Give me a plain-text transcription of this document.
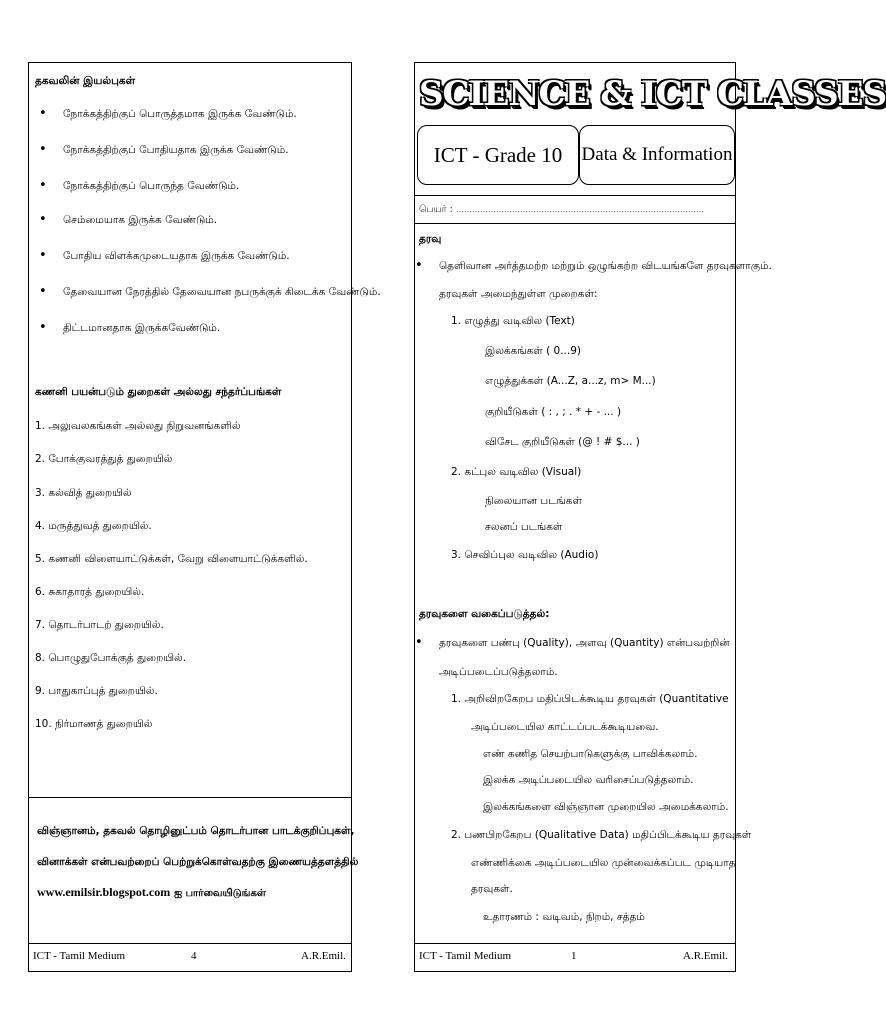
தகவலின் இயல்புகள்
• நோக்கத்திற்குப் பொருத்தமாக இருக்க வேண்டும்.
• நோக்கத்திற்குப் போதியதாக இருக்க வேண்டும்.
• நோக்கத்திற்குப் பொருந்த வேண்டும்.
• செம்மையாக இருக்க வேண்டும்.
• போதிய விளக்கமுடையதாக இருக்க வேண்டும்.
• தேவையான நேரத்தில் தேவையான நபருக்குக் கிடைக்க வேண்டும்.
• திட்டமானதாக இருக்கவேண்டும்.
கணனி பயன்படும் துறைகள் அல்லது சந்தர்ப்பங்கள்
1. அலுவலகங்கள் அல்லது நிறுவனங்களில்
2. போக்குவரத்துத் துறையில்
3. கல்வித் துறையில்
4. மருத்துவத் துறையில்.
5. கணனி விளையாட்டுக்கள், வேறு விளையாட்டுக்களில்.
6. சுகாதாரத் துறையில்.
7. தொடர்பாடற் துறையில்.
8. பொழுதுபோக்குத் துறையில்.
9. பாதுகாப்புத் துறையில்.
10. நிர்மாணத் துறையில்
விஞ்ஞானம், தகவல் தொழினுட்பம் தொடர்பான பாடக்குறிப்புகள்,
வினாக்கள் என்பவற்றைப் பெற்றுக்கொள்வதற்கு இணையத்தளத்தில்
www.emilsir.blogspot.com ஐ பார்வையிடுங்கள்
ICT - Tamil Medium	4	A.R.Emil.
SCIENCE & ICT CLASSES
ICT - Grade 10	Data & Information
பெயர் : …………………………………………………………………………………
தரவு
• தெளிவான அர்த்தமற்ற மற்றும் ஒழுங்கற்ற விடயங்களே தரவுகளாகும்.
தரவுகள் அமைந்துள்ள முறைகள்:
1. எழுத்து வடிவில (Text)
இலக்கங்கள் ( 0...9)
எழுத்துக்கள் (A...Z, a...z, m> M...)
குறியீடுகள் ( : , ; . * + - ... )
விசேட குறியீடுகள் (@ ! # $... )
2. கட்புல வடிவில (Visual)
நிலையான படங்கள்
சலனப் படங்கள்
3. செவிப்புல வடிவில (Audio)
தரவுகளை வகைப்படுத்தல்:
• தரவுகளை பண்பு (Quality), அளவு (Quantity) என்பவற்றின்
அடிப்படைப்படுத்தலாம்.
1. அறிவிறகேறப மதிப்பிடக்கூடிய தரவுகள் (Quantitative
அடிப்படையில காட்டப்படக்கூடியவை.
எண் கணித செயற்பாடுகளுக்கு பாவிக்கலாம்.
இலக்க அடிப்படையில வரிசைப்படுத்தலாம்.
இலக்கங்களை விஞ்ஞான முறையில அமைக்கலாம்.
2. பணபிறகேறப (Qualitative Data) மதிப்பிடக்கூடிய தரவுகள்
எண்ணிக்கை அடிப்படையில முன்வைக்கப்பட முடியாத
தரவுகள்.
உதாரணம் : வடிவம், நிறம், சத்தம்
ICT - Tamil Medium	1	A.R.Emil.
